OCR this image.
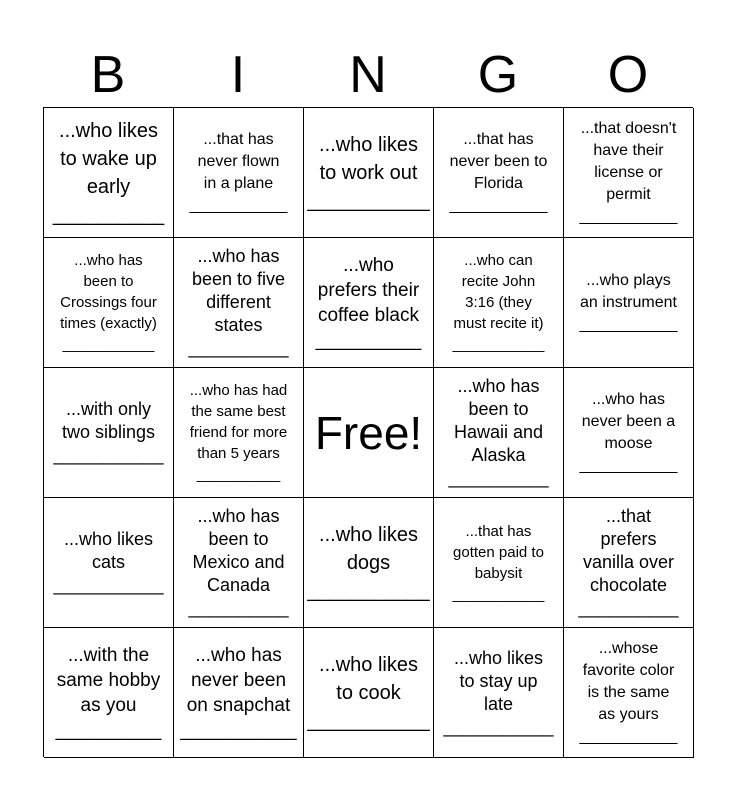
B	I	N	G	O
...who likes
to wake up
early
__________
...that has
never flown
in a plane
___________
...who likes
to work out
___________
...that has
never been to
Florida
___________
...that doesn't
have their
license or
permit
___________
...who has
been to
Crossings four
times (exactly)
___________
...who has
been to five
different
states
__________
...who
prefers their
coffee black
__________
...who can
recite John
3:16 (they
must recite it)
___________
...who plays
an instrument
___________
...with only
two siblings
___________
...who has had
the same best
friend for more
than 5 years
__________
Free!
...who has
been to
Hawaii and
Alaska
__________
...who has
never been a
moose
___________
...who likes
cats
___________
...who has
been to
Mexico and
Canada
__________
...who likes
dogs
___________
...that has
gotten paid to
babysit
___________
...that
prefers
vanilla over
chocolate
__________
...with the
same hobby
as you
__________
...who has
never been
on snapchat
___________
...who likes
to cook
___________
...who likes
to stay up
late
___________
...whose
favorite color
is the same
as yours
___________
